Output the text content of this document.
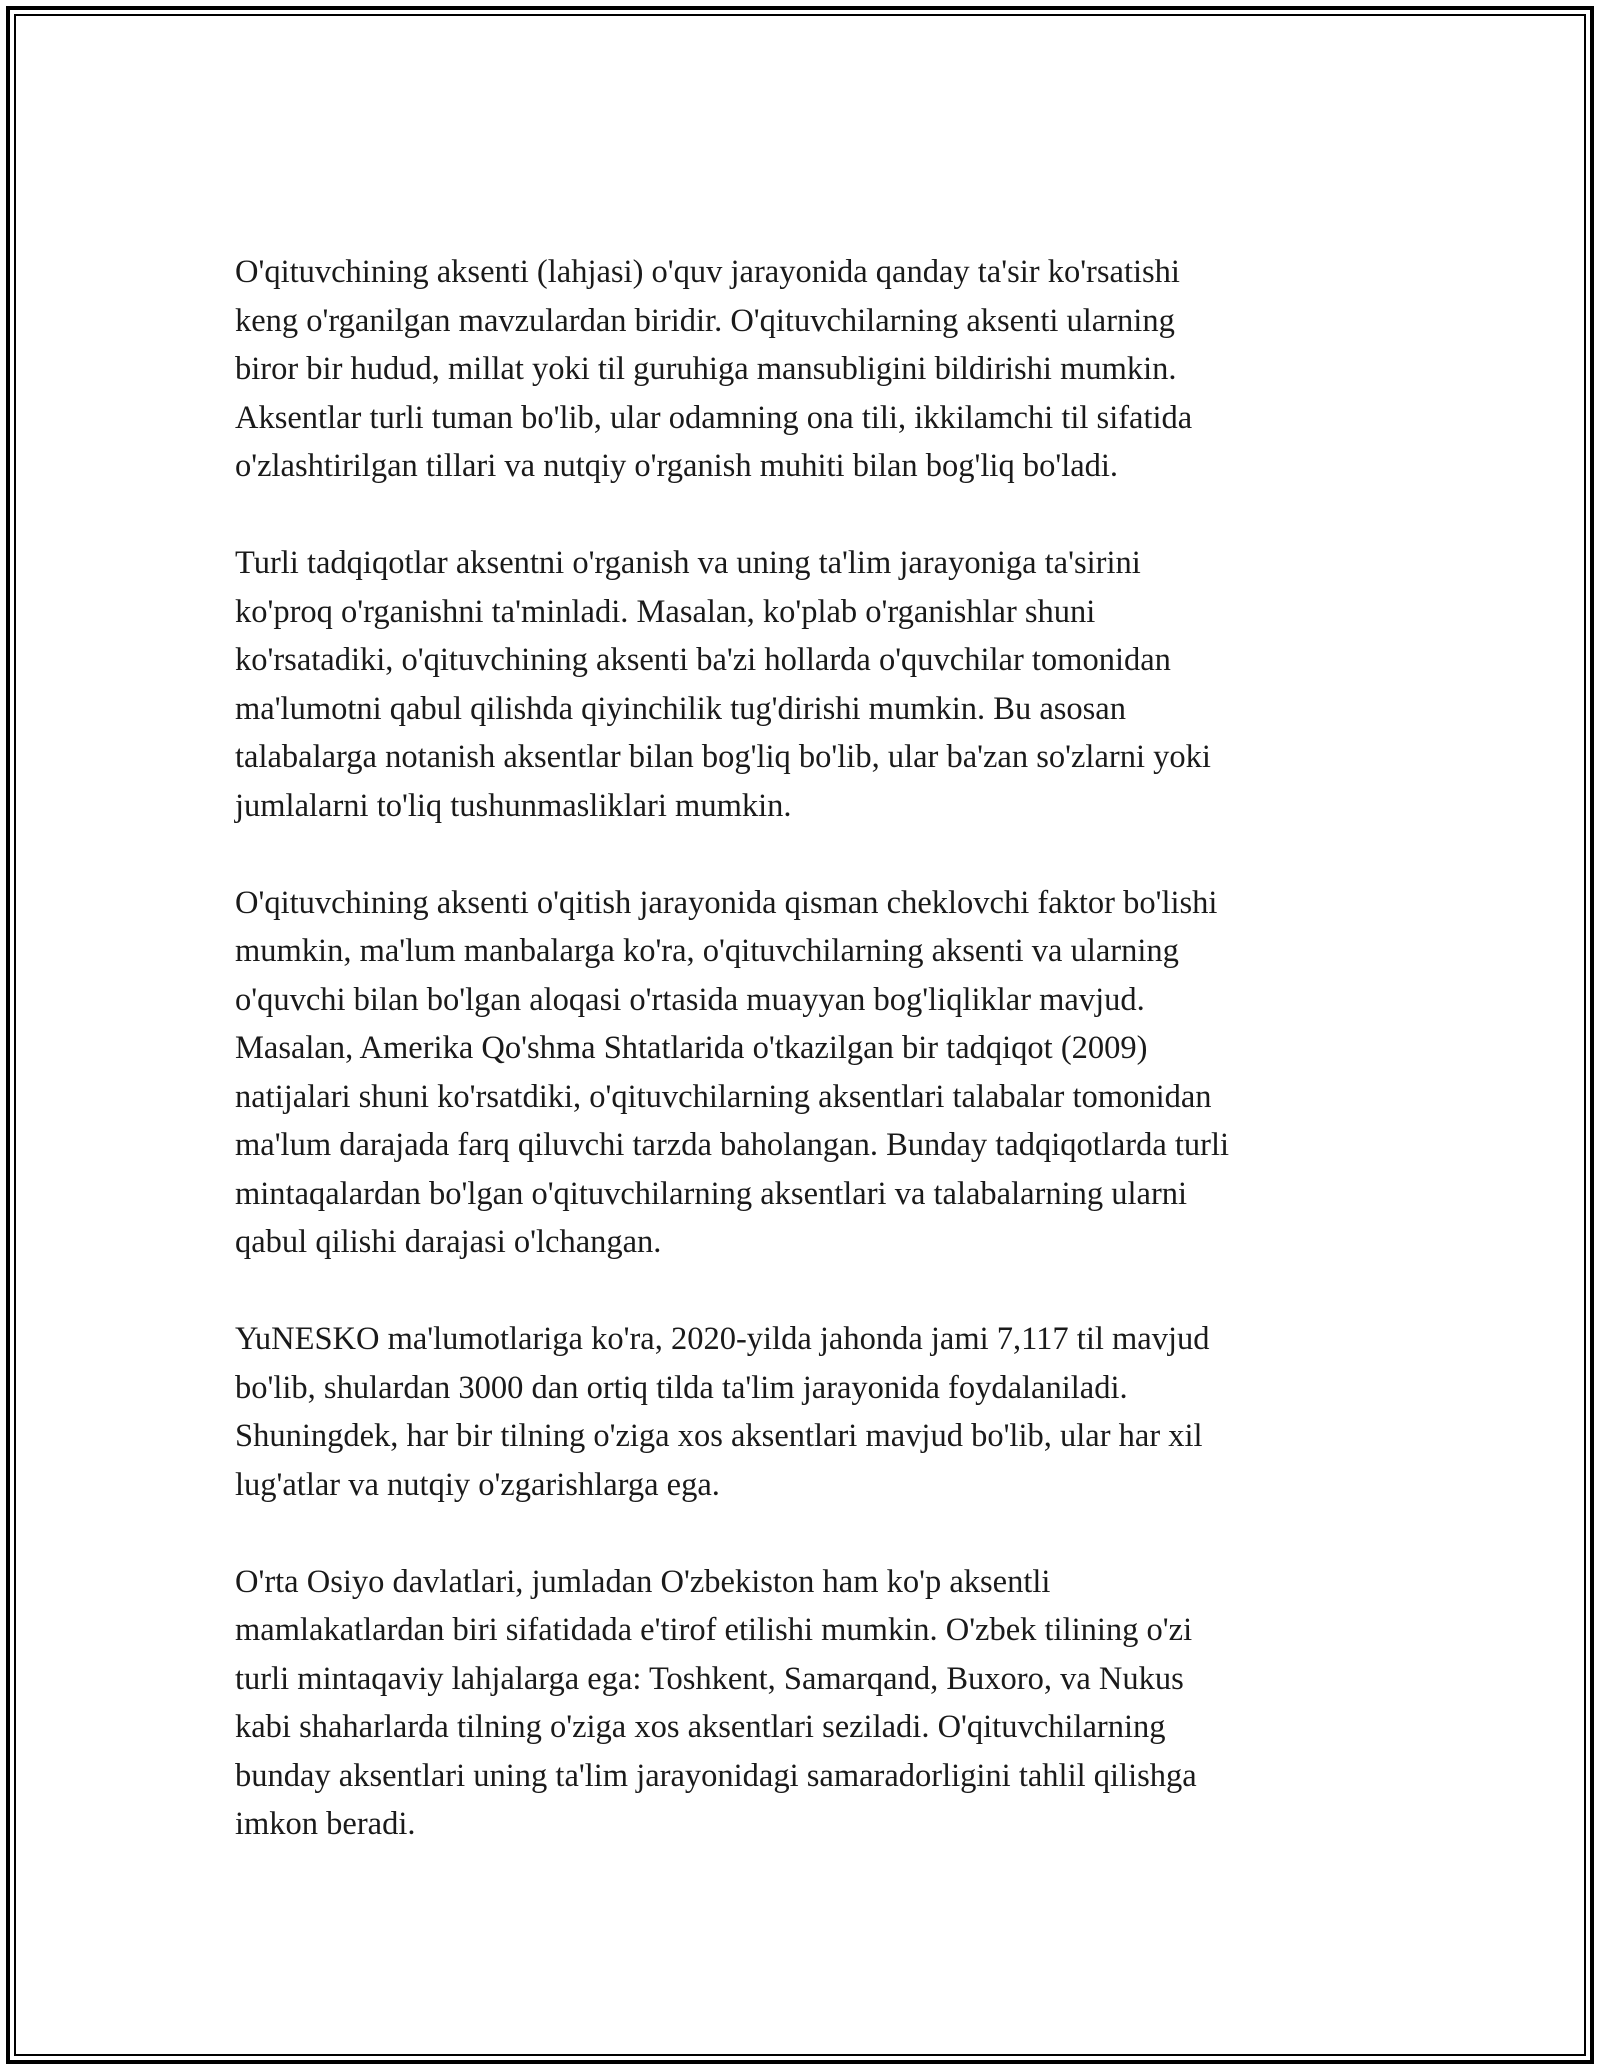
O'qituvchining aksenti (lahjasi) o'quv jarayonida qanday ta'sir ko'rsatishi
keng o'rganilgan mavzulardan biridir. O'qituvchilarning aksenti ularning
biror bir hudud, millat yoki til guruhiga mansubligini bildirishi mumkin.
Aksentlar turli tuman bo'lib, ular odamning ona tili, ikkilamchi til sifatida
o'zlashtirilgan tillari va nutqiy o'rganish muhiti bilan bog'liq bo'ladi.

Turli tadqiqotlar aksentni o'rganish va uning ta'lim jarayoniga ta'sirini
ko'proq o'rganishni ta'minladi. Masalan, ko'plab o'rganishlar shuni
ko'rsatadiki, o'qituvchining aksenti ba'zi hollarda o'quvchilar tomonidan
ma'lumotni qabul qilishda qiyinchilik tug'dirishi mumkin. Bu asosan
talabalarga notanish aksentlar bilan bog'liq bo'lib, ular ba'zan so'zlarni yoki
jumlalarni to'liq tushunmasliklari mumkin.

O'qituvchining aksenti o'qitish jarayonida qisman cheklovchi faktor bo'lishi
mumkin, ma'lum manbalarga ko'ra, o'qituvchilarning aksenti va ularning
o'quvchi bilan bo'lgan aloqasi o'rtasida muayyan bog'liqliklar mavjud.
Masalan, Amerika Qo'shma Shtatlarida o'tkazilgan bir tadqiqot (2009)
natijalari shuni ko'rsatdiki, o'qituvchilarning aksentlari talabalar tomonidan
ma'lum darajada farq qiluvchi tarzda baholangan. Bunday tadqiqotlarda turli
mintaqalardan bo'lgan o'qituvchilarning aksentlari va talabalarning ularni
qabul qilishi darajasi o'lchangan.

YuNESKO ma'lumotlariga ko'ra, 2020-yilda jahonda jami 7,117 til mavjud
bo'lib, shulardan 3000 dan ortiq tilda ta'lim jarayonida foydalaniladi.
Shuningdek, har bir tilning o'ziga xos aksentlari mavjud bo'lib, ular har xil
lug'atlar va nutqiy o'zgarishlarga ega.

O'rta Osiyo davlatlari, jumladan O'zbekiston ham ko'p aksentli
mamlakatlardan biri sifatidada e'tirof etilishi mumkin. O'zbek tilining o'zi
turli mintaqaviy lahjalarga ega: Toshkent, Samarqand, Buxoro, va Nukus
kabi shaharlarda tilning o'ziga xos aksentlari seziladi. O'qituvchilarning
bunday aksentlari uning ta'lim jarayonidagi samaradorligini tahlil qilishga
imkon beradi.
